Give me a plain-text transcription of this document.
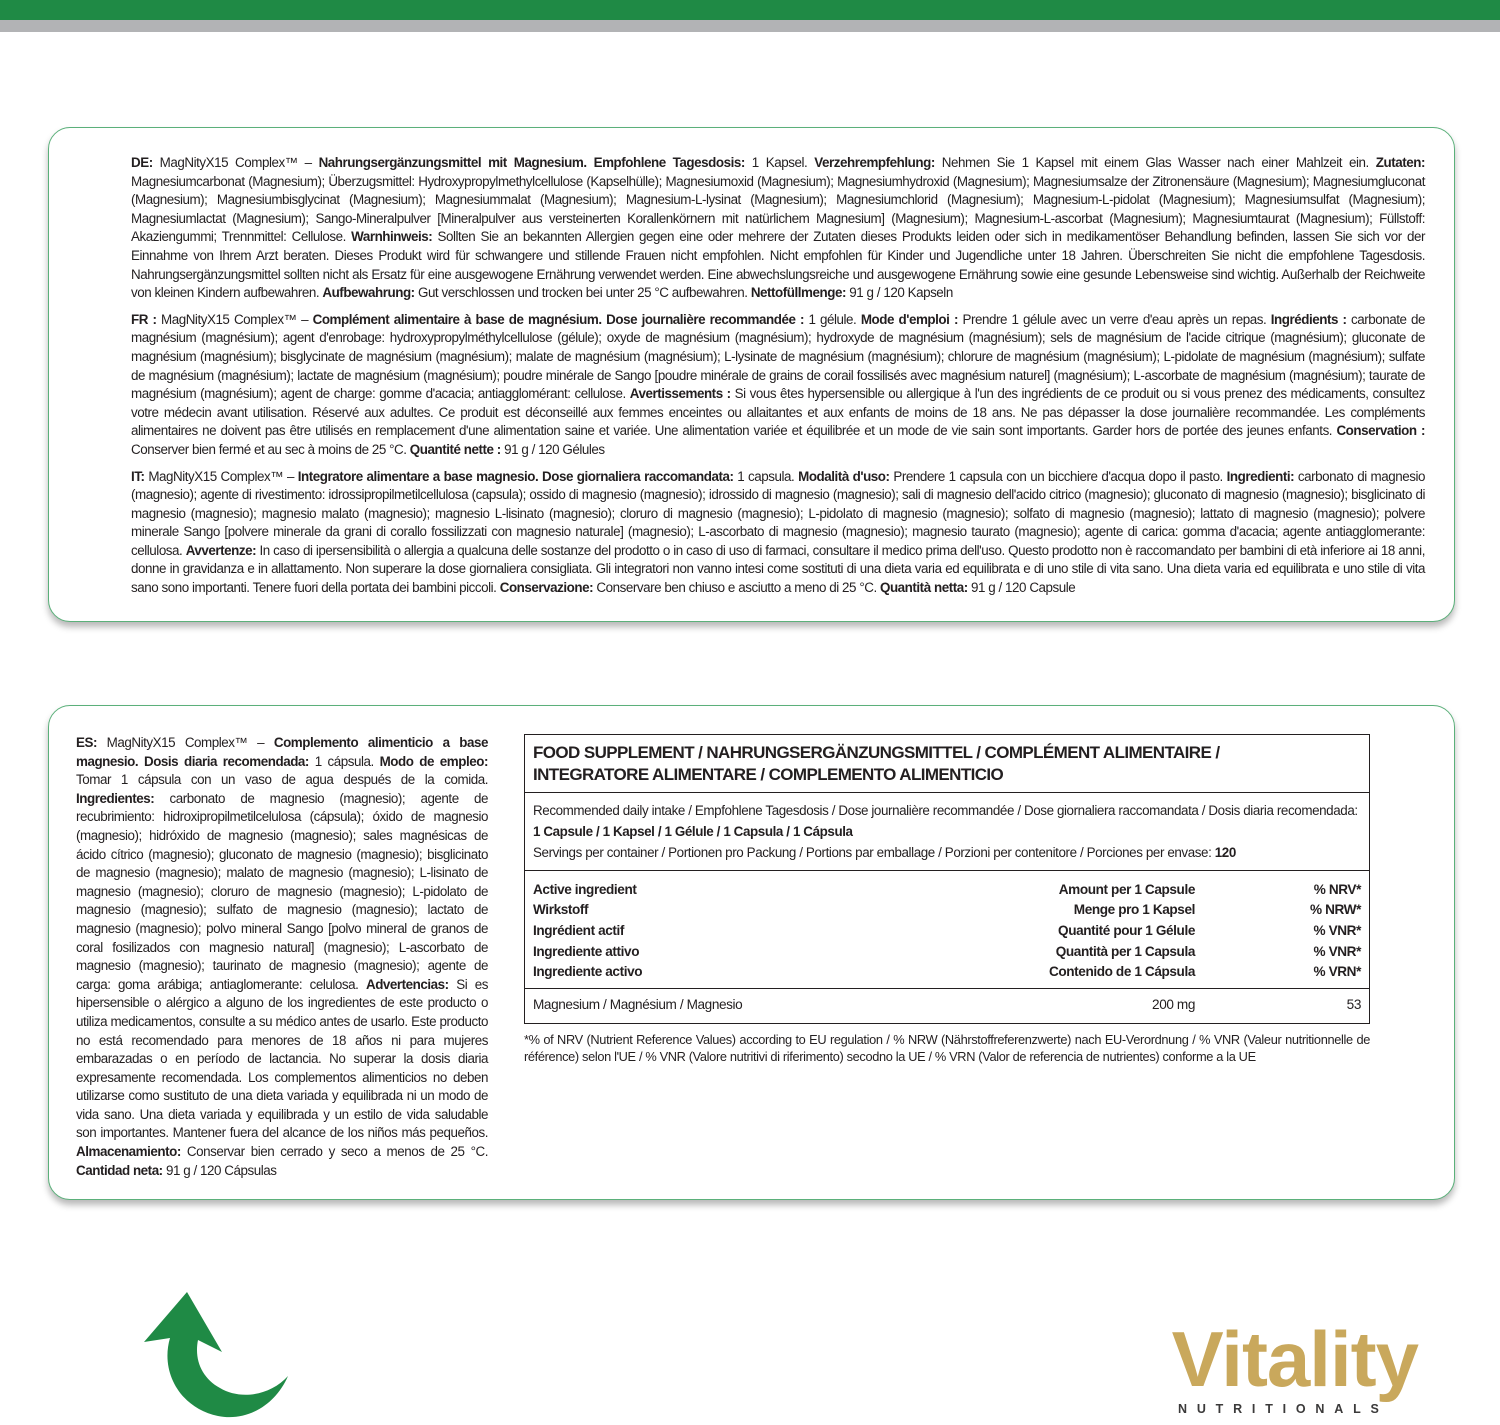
DE: MagNityX15 Complex™ – Nahrungsergänzungsmittel mit Magnesium. Empfohlene Tagesdosis: 1 Kapsel. Verzehrempfehlung: Nehmen Sie 1 Kapsel mit einem Glas Wasser nach einer Mahlzeit ein. Zutaten: Magnesiumcarbonat (Magnesium); Überzugsmittel: Hydroxypropylmethylcellulose (Kapselhülle); Magnesiumoxid (Magnesium); Magnesiumhydroxid (Magnesium); Magnesiumsalze der Zitronensäure (Magnesium); Magnesiumgluconat (Magnesium); Magnesiumbisglycinat (Magnesium); Magnesiummalat (Magnesium); Magnesium-L-lysinat (Magnesium); Magnesiumchlorid (Magnesium); Magnesium-L-pidolat (Magnesium); Magnesiumsulfat (Magnesium); Magnesiumlactat (Magnesium); Sango-Mineralpulver [Mineralpulver aus versteinerten Korallenkörnern mit natürlichem Magnesium] (Magnesium); Magnesium-L-ascorbat (Magnesium); Magnesiumtaurat (Magnesium); Füllstoff: Akaziengummi; Trennmittel: Cellulose. Warnhinweis: Sollten Sie an bekannten Allergien gegen eine oder mehrere der Zutaten dieses Produkts leiden oder sich in medikamentöser Behandlung befinden, lassen Sie sich vor der Einnahme von Ihrem Arzt beraten. Dieses Produkt wird für schwangere und stillende Frauen nicht empfohlen. Nicht empfohlen für Kinder und Jugendliche unter 18 Jahren. Überschreiten Sie nicht die empfohlene Tagesdosis. Nahrungsergänzungsmittel sollten nicht als Ersatz für eine ausgewogene Ernährung verwendet werden. Eine abwechslungsreiche und ausgewogene Ernährung sowie eine gesunde Lebensweise sind wichtig. Außerhalb der Reichweite von kleinen Kindern aufbewahren. Aufbewahrung: Gut verschlossen und trocken bei unter 25 °C aufbewahren. Nettofüllmenge: 91 g / 120 Kapseln

FR : MagNityX15 Complex™ – Complément alimentaire à base de magnésium. Dose journalière recommandée : 1 gélule. Mode d'emploi : Prendre 1 gélule avec un verre d'eau après un repas. Ingrédients : carbonate de magnésium (magnésium); agent d'enrobage: hydroxypropylméthylcellulose (gélule); oxyde de magnésium (magnésium); hydroxyde de magnésium (magnésium); sels de magnésium de l'acide citrique (magnésium); gluconate de magnésium (magnésium); bisglycinate de magnésium (magnésium); malate de magnésium (magnésium); L-lysinate de magnésium (magnésium); chlorure de magnésium (magnésium); L-pidolate de magnésium (magnésium); sulfate de magnésium (magnésium); lactate de magnésium (magnésium); poudre minérale de Sango [poudre minérale de grains de corail fossilisés avec magnésium naturel] (magnésium); L-ascorbate de magnésium (magnésium); taurate de magnésium (magnésium); agent de charge: gomme d'acacia; antiagglomérant: cellulose. Avertissements : Si vous êtes hypersensible ou allergique à l'un des ingrédients de ce produit ou si vous prenez des médicaments, consultez votre médecin avant utilisation. Réservé aux adultes. Ce produit est déconseillé aux femmes enceintes ou allaitantes et aux enfants de moins de 18 ans. Ne pas dépasser la dose journalière recommandée. Les compléments alimentaires ne doivent pas être utilisés en remplacement d'une alimentation saine et variée. Une alimentation variée et équilibrée et un mode de vie sain sont importants. Garder hors de portée des jeunes enfants. Conservation : Conserver bien fermé et au sec à moins de 25 °C. Quantité nette : 91 g / 120 Gélules

IT: MagNityX15 Complex™ – Integratore alimentare a base magnesio. Dose giornaliera raccomandata: 1 capsula. Modalità d'uso: Prendere 1 capsula con un bicchiere d'acqua dopo il pasto. Ingredienti: carbonato di magnesio (magnesio); agente di rivestimento: idrossipropilmetilcellulosa (capsula); ossido di magnesio (magnesio); idrossido di magnesio (magnesio); sali di magnesio dell'acido citrico (magnesio); gluconato di magnesio (magnesio); bisglicinato di magnesio (magnesio); magnesio malato (magnesio); magnesio L-lisinato (magnesio); cloruro di magnesio (magnesio); L-pidolato di magnesio (magnesio); solfato di magnesio (magnesio); lattato di magnesio (magnesio); polvere minerale Sango [polvere minerale da grani di corallo fossilizzati con magnesio naturale] (magnesio); L-ascorbato di magnesio (magnesio); magnesio taurato (magnesio); agente di carica: gomma d'acacia; agente antiagglomerante: cellulosa. Avvertenze: In caso di ipersensibilità o allergia a qualcuna delle sostanze del prodotto o in caso di uso di farmaci, consultare il medico prima dell'uso. Questo prodotto non è raccomandato per bambini di età inferiore ai 18 anni, donne in gravidanza e in allattamento. Non superare la dose giornaliera consigliata. Gli integratori non vanno intesi come sostituti di una dieta varia ed equilibrata e di uno stile di vita sano. Una dieta varia ed equilibrata e uno stile di vita sano sono importanti. Tenere fuori della portata dei bambini piccoli. Conservazione: Conservare ben chiuso e asciutto a meno di 25 °C. Quantità netta: 91 g / 120 Capsule

ES: MagNityX15 Complex™ – Complemento alimenticio a base magnesio. Dosis diaria recomendada: 1 cápsula. Modo de empleo: Tomar 1 cápsula con un vaso de agua después de la comida. Ingredientes: carbonato de magnesio (magnesio); agente de recubrimiento: hidroxipropilmetilcelulosa (cápsula); óxido de magnesio (magnesio); hidróxido de magnesio (magnesio); sales magnésicas de ácido cítrico (magnesio); gluconato de magnesio (magnesio); bisglicinato de magnesio (magnesio); malato de magnesio (magnesio); L-lisinato de magnesio (magnesio); cloruro de magnesio (magnesio); L-pidolato de magnesio (magnesio); sulfato de magnesio (magnesio); lactato de magnesio (magnesio); polvo mineral Sango [polvo mineral de granos de coral fosilizados con magnesio natural] (magnesio); L-ascorbato de magnesio (magnesio); taurinato de magnesio (magnesio); agente de carga: goma arábiga; antiaglomerante: celulosa. Advertencias: Si es hipersensible o alérgico a alguno de los ingredientes de este producto o utiliza medicamentos, consulte a su médico antes de usarlo. Este producto no está recomendado para menores de 18 años ni para mujeres embarazadas o en período de lactancia. No superar la dosis diaria expresamente recomendada. Los complementos alimenticios no deben utilizarse como sustituto de una dieta variada y equilibrada ni un modo de vida sano. Una dieta variada y equilibrada y un estilo de vida saludable son importantes. Mantener fuera del alcance de los niños más pequeños. Almacenamiento: Conservar bien cerrado y seco a menos de 25 °C. Cantidad neta: 91 g / 120 Cápsulas

FOOD SUPPLEMENT / NAHRUNGSERGÄNZUNGSMITTEL / COMPLÉMENT ALIMENTAIRE /
INTEGRATORE ALIMENTARE / COMPLEMENTO ALIMENTICIO
Recommended daily intake / Empfohlene Tagesdosis / Dose journalière recommandée / Dose giornaliera raccomandata / Dosis diaria recomendada:
1 Capsule / 1 Kapsel / 1 Gélule / 1 Capsula / 1 Cápsula
Servings per container / Portionen pro Packung / Portions par emballage / Porzioni per contenitore / Porciones per envase: 120
Active ingredient	Amount per 1 Capsule	% NRV*
Wirkstoff	Menge pro 1 Kapsel	% NRW*
Ingrédient actif	Quantité pour 1 Gélule	% VNR*
Ingrediente attivo	Quantità per 1 Capsula	% VNR*
Ingrediente activo	Contenido de 1 Cápsula	% VRN*

Magnesium / Magnésium / Magnesio	200 mg	53

*% of NRV (Nutrient Reference Values) according to EU regulation / % NRW (Nährstoffreferenzwerte) nach EU-Verordnung / % VNR (Valeur nutritionnelle de référence) selon l'UE / % VNR (Valore nutritivi di riferimento) secodno la UE / % VRN (Valor de referencia de nutrientes) conforme a la UE

Vitality

NUTRITIONALS
